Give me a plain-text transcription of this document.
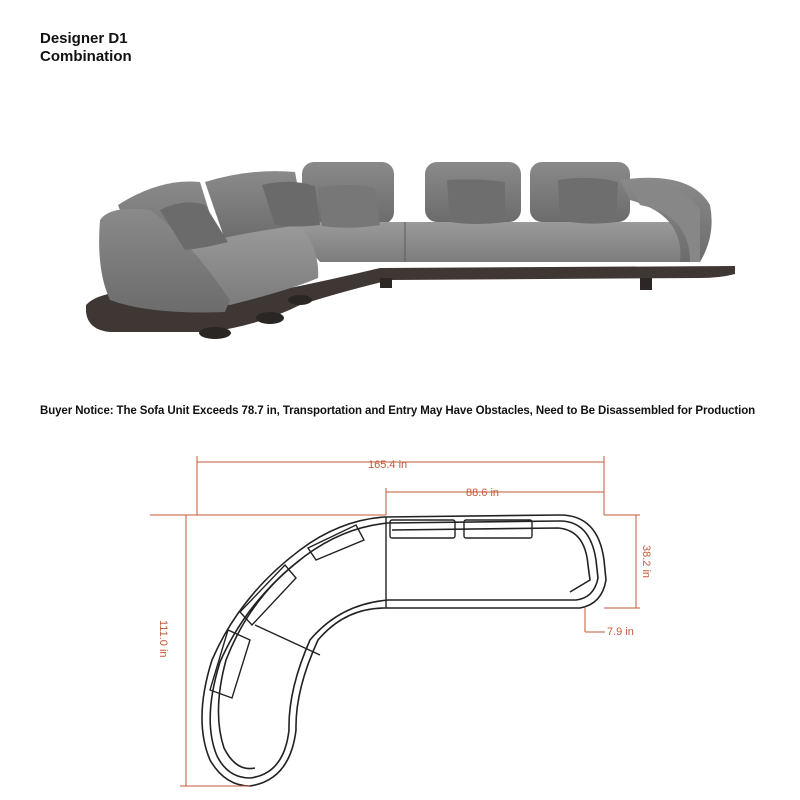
Designer D1
Combination
Buyer Notice: The Sofa Unit Exceeds 78.7 in, Transportation and Entry May Have Obstacles, Need to Be Disassembled for Production
165.4 in
88.6 in
38.2 in
111.0 in	7.9 in
